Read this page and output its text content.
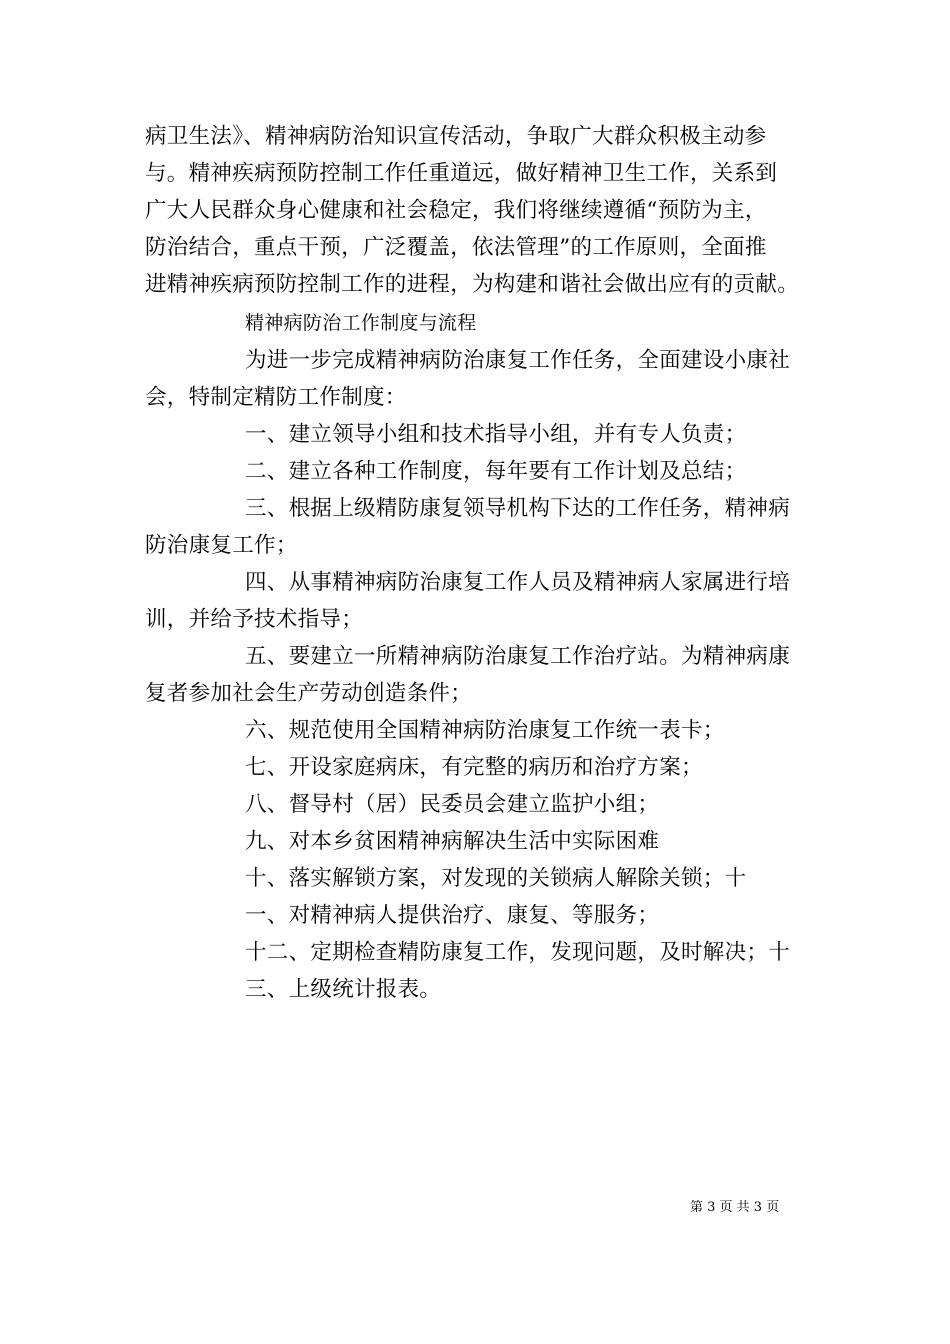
病卫生法》、精神病防治知识宣传活动，争取广大群众积极主动参
与。精神疾病预防控制工作任重道远，做好精神卫生工作，关系到
广大人民群众身心健康和社会稳定，我们将继续遵循“预防为主，
防治结合，重点干预，广泛覆盖，依法管理”的工作原则，全面推
进精神疾病预防控制工作的进程，为构建和谐社会做出应有的贡献。
精神病防治工作制度与流程
为进一步完成精神病防治康复工作任务，全面建设小康社
会，特制定精防工作制度：
一、建立领导小组和技术指导小组，并有专人负责；
二、建立各种工作制度，每年要有工作计划及总结；
三、根据上级精防康复领导机构下达的工作任务，精神病
防治康复工作；
四、从事精神病防治康复工作人员及精神病人家属进行培
训，并给予技术指导；
五、要建立一所精神病防治康复工作治疗站。为精神病康
复者参加社会生产劳动创造条件；
六、规范使用全国精神病防治康复工作统一表卡；
七、开设家庭病床，有完整的病历和治疗方案；
八、督导村（居）民委员会建立监护小组；
九、对本乡贫困精神病解决生活中实际困难
十、落实解锁方案，对发现的关锁病人解除关锁；十
一、对精神病人提供治疗、康复、等服务；
十二、定期检查精防康复工作，发现问题，及时解决；十
三、上级统计报表。
第 3 页 共 3 页
